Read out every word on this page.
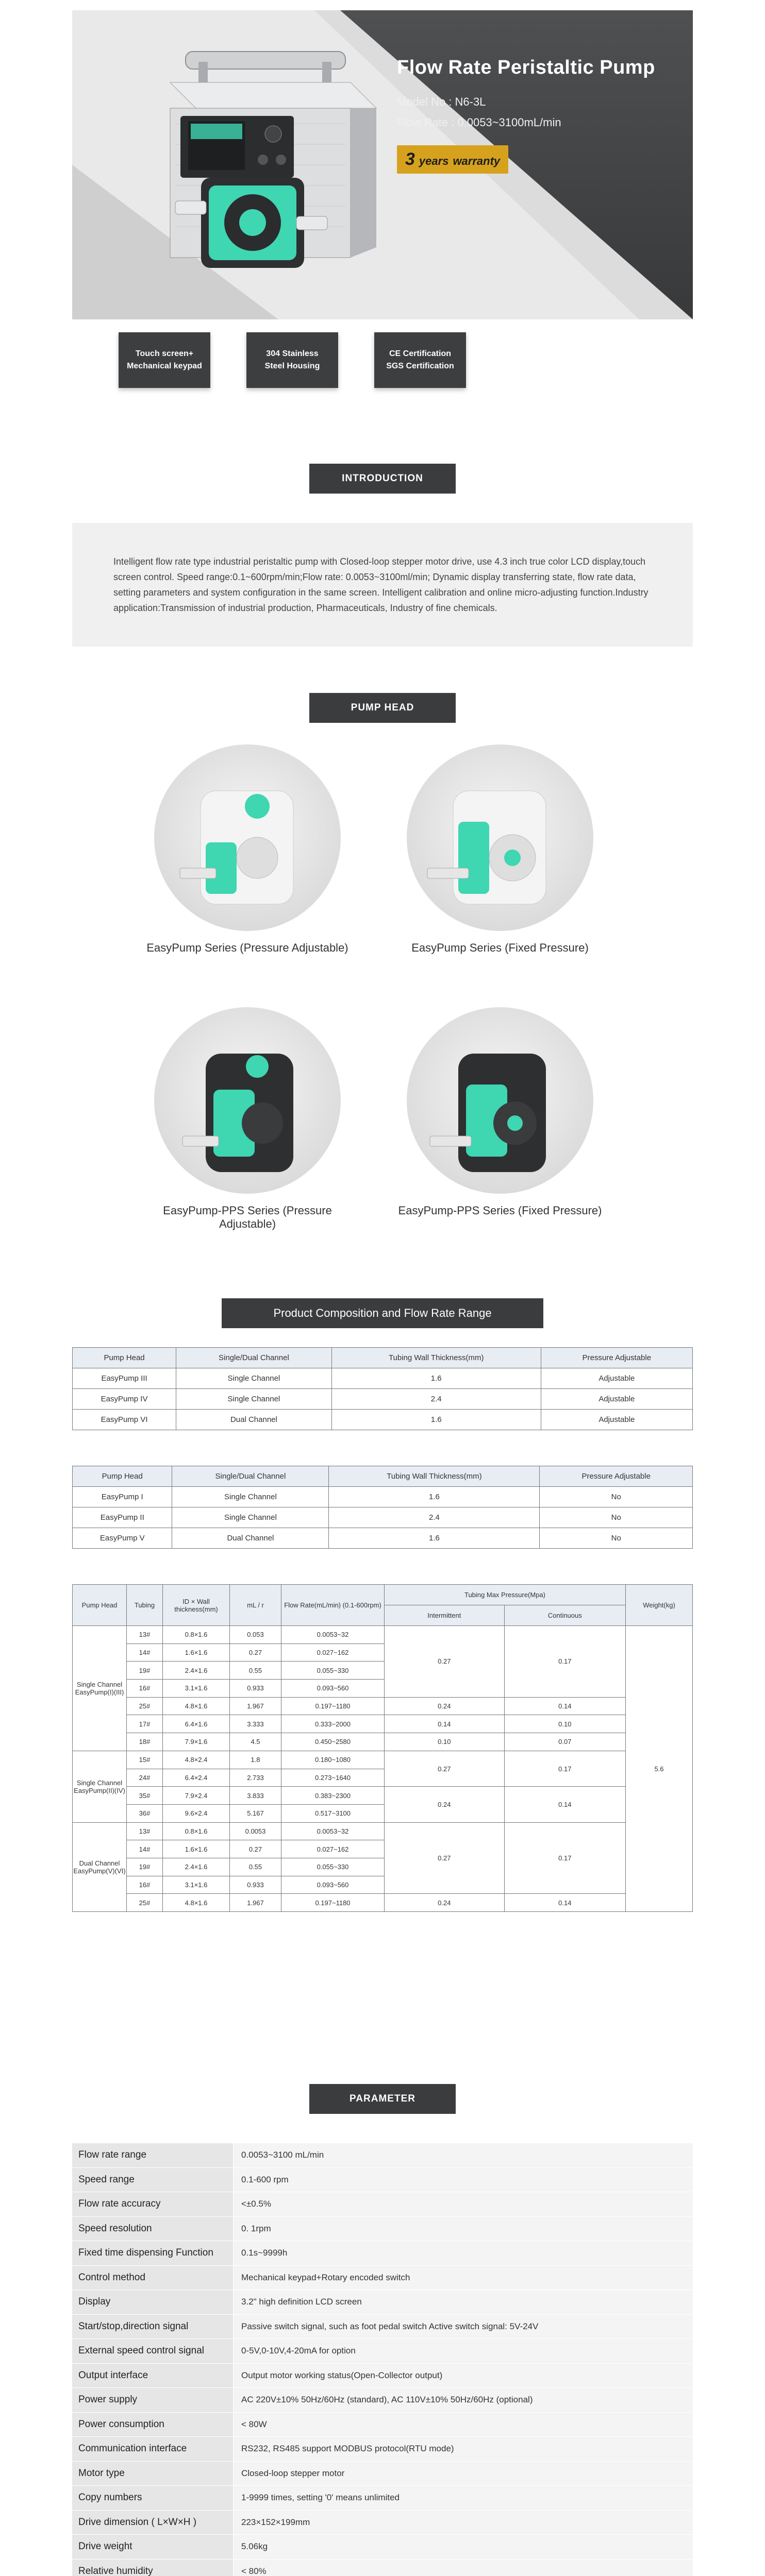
Flow Rate Peristaltic Pump
Model No : N6-3L
Flow Rate : 0.0053~3100mL/min
3 years warranty
Touch screen+
Mechanical keypad
304 Stainless
Steel Housing
CE Certification
SGS Certification
INTRODUCTION
Intelligent flow rate type industrial peristaltic pump with Closed-loop stepper motor drive, use 4.3 inch true color LCD display,touch screen control. Speed range:0.1~600rpm/min;Flow rate: 0.0053~3100ml/min; Dynamic display transferring state, flow rate data, setting parameters and system configuration in the same screen. Intelligent calibration and online micro-adjusting function.Industry application:Transmission of industrial production, Pharmaceuticals, Industry of fine chemicals.
PUMP HEAD
EasyPump Series (Pressure Adjustable)	EasyPump Series (Fixed Pressure)
EasyPump-PPS Series (Pressure Adjustable)
EasyPump-PPS Series (Fixed Pressure)
Product Composition and Flow Rate Range
Pump Head	Single/Dual Channel	Tubing Wall Thickness(mm)	Pressure Adjustable
EasyPump III	Single Channel	1.6	Adjustable
EasyPump IV	Single Channel	2.4	Adjustable
EasyPump VI	Dual Channel	1.6	Adjustable
Pump Head	Single/Dual Channel	Tubing Wall Thickness(mm)	Pressure Adjustable
EasyPump I	Single Channel	1.6	No
EasyPump II	Single Channel	2.4	No
EasyPump V	Dual Channel	1.6	No
Pump Head	Tubing	ID × Wall thickness(mm)	mL / r	Flow Rate(mL/min) (0.1-600rpm)	Tubing Max Pressure(Mpa)		Weight(kg)
					Intermittent	Continuous	
Single Channel EasyPump(I)(III)	13#	0.8×1.6	0.053	0.0053~32	0.27	0.17	5.6
	14#	1.6×1.6	0.27	0.027~162			
	19#	2.4×1.6	0.55	0.055~330			
	16#	3.1×1.6	0.933	0.093~560			
	25#	4.8×1.6	1.967	0.197~1180	0.24	0.14	
	17#	6.4×1.6	3.333	0.333~2000	0.14	0.10	
	18#	7.9×1.6	4.5	0.450~2580	0.10	0.07	
Single Channel EasyPump(II)(IV)	15#	4.8×2.4	1.8	0.180~1080	0.27	0.17	
	24#	6.4×2.4	2.733	0.273~1640			
	35#	7.9×2.4	3.833	0.383~2300	0.24	0.14	
	36#	9.6×2.4	5.167	0.517~3100			
Dual Channel EasyPump(V)(VI)	13#	0.8×1.6	0.0053	0.0053~32	0.27	0.17	
	14#	1.6×1.6	0.27	0.027~162			
	19#	2.4×1.6	0.55	0.055~330			
	16#	3.1×1.6	0.933	0.093~560			
	25#	4.8×1.6	1.967	0.197~1180	0.24	0.14	
PARAMETER
Flow rate range	0.0053~3100 mL/min
Speed range	0.1-600 rpm
Flow rate accuracy	<±0.5%
Speed resolution	0. 1rpm
Fixed time dispensing Function	0.1s~9999h
Control method	Mechanical keypad+Rotary encoded switch
Display	3.2" high definition LCD screen
Start/stop,direction signal	Passive switch signal, such as foot pedal switch Active switch signal: 5V-24V
External speed control signal	0-5V,0-10V,4-20mA for option
Output interface	Output motor working status(Open-Collector output)
Power supply	AC 220V±10% 50Hz/60Hz (standard), AC 110V±10% 50Hz/60Hz (optional)
Power consumption	< 80W
Communication interface	RS232, RS485 support MODBUS protocol(RTU mode)
Motor type	Closed-loop stepper motor
Copy numbers	1-9999 times, setting '0' means unlimited
Drive dimension ( L×W×H )	223×152×199mm
Drive weight	5.06kg
Relative humidity	< 80%
